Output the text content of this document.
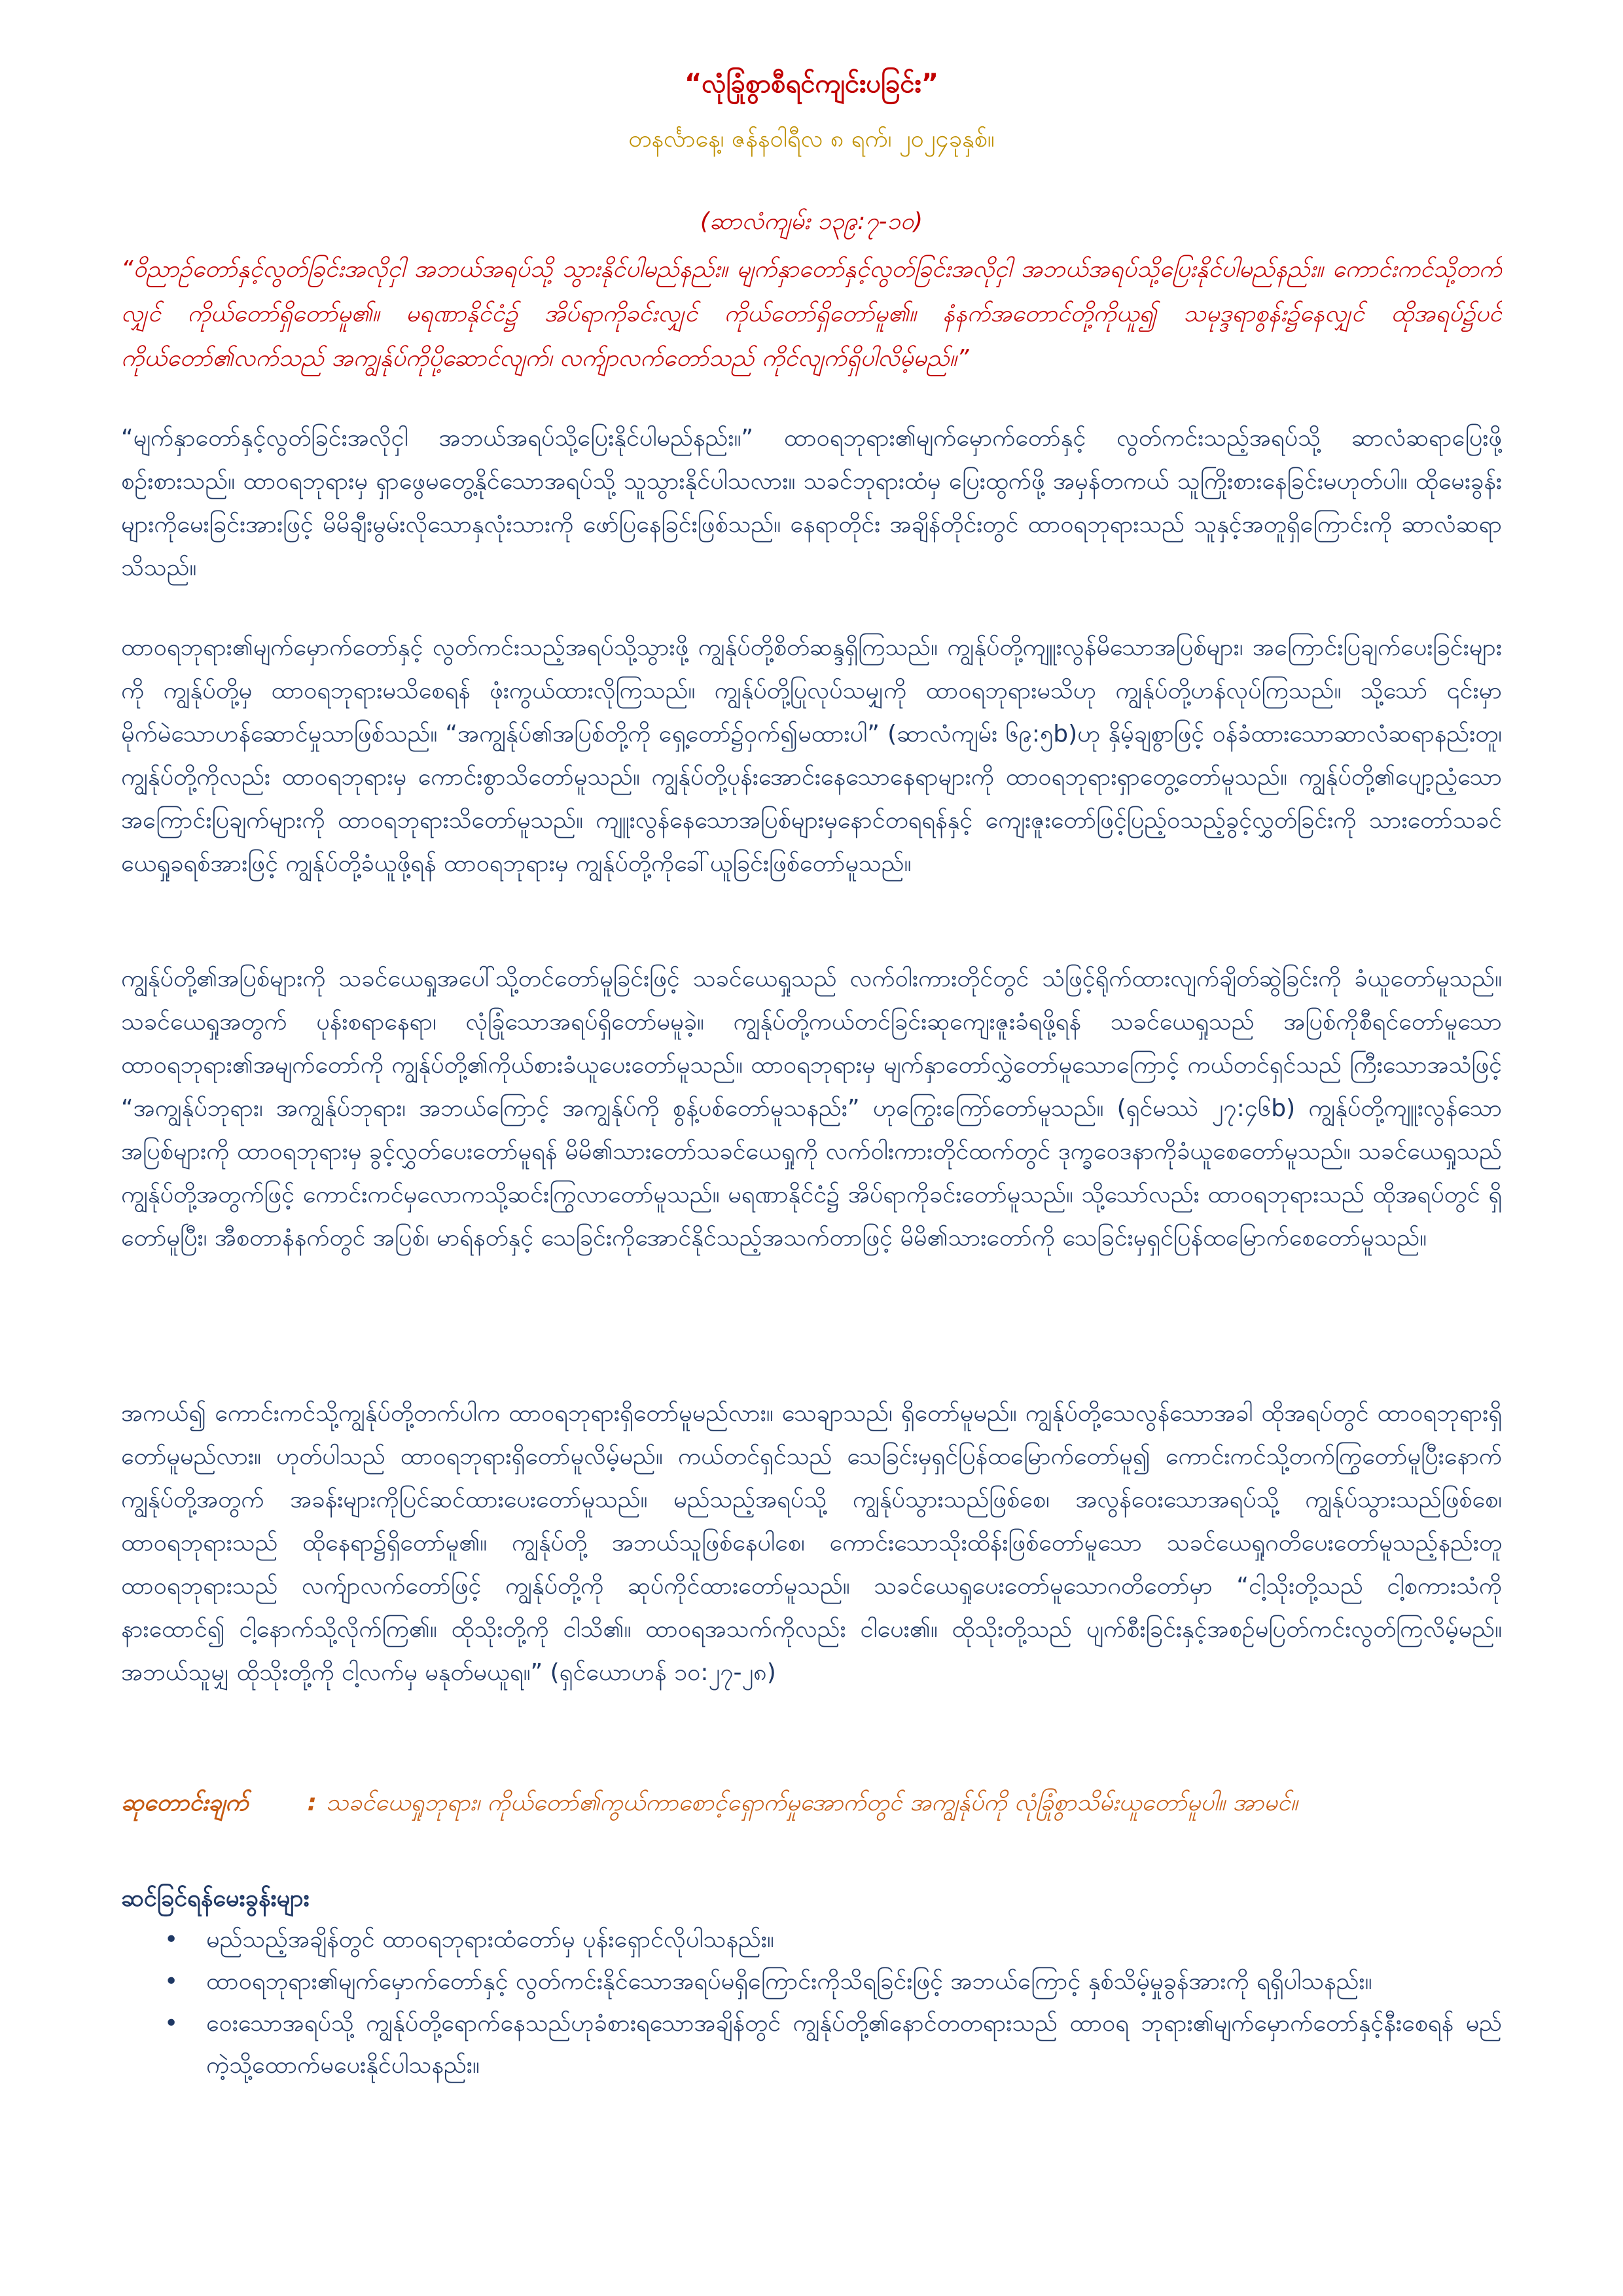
“လုံခြုံစွာစီရင်ကျင်းပခြင်း”
တနင်္လာနေ့၊ ဇန်နဝါရီလ ၈ ရက်၊ ၂၀၂၄ခုနှစ်။
(ဆာလံကျမ်း ၁၃၉:၇-၁၀)
“ဝိညာဉ်တော်နှင့်လွတ်ခြင်းအလိုငှါ အဘယ်အရပ်သို့ သွားနိုင်ပါမည်နည်း။ မျက်နှာတော်နှင့်လွတ်ခြင်းအလိုငှါ အဘယ်အရပ်သို့ပြေးနိုင်ပါမည်နည်း။ ကောင်းကင်သို့တက်လျှင် ကိုယ်တော်ရှိတော်မူ၏။ မရဏာနိုင်ငံ၌ အိပ်ရာကိုခင်းလျှင် ကိုယ်တော်ရှိတော်မူ၏။ နံနက်အတောင်တို့ကိုယူ၍ သမုဒ္ဒရာစွန်း၌နေလျှင် ထိုအရပ်၌ပင် ကိုယ်တော်၏လက်သည် အကျွန်ုပ်ကိုပို့ဆောင်လျက်၊ လက်ျာလက်တော်သည် ကိုင်လျက်ရှိပါလိမ့်မည်။”
“မျက်နှာတော်နှင့်လွတ်ခြင်းအလိုငှါ အဘယ်အရပ်သို့ပြေးနိုင်ပါမည်နည်း။” ထာဝရဘုရား၏မျက်မှောက်တော်နှင့် လွတ်ကင်းသည့်အရပ်သို့ ဆာလံဆရာပြေးဖို့စဉ်းစားသည်။ ထာဝရဘုရားမှ ရှာဖွေမတွေ့နိုင်သောအရပ်သို့ သူသွားနိုင်ပါသလား။ သခင်ဘုရားထံမှ ပြေးထွက်ဖို့ အမှန်တကယ် သူကြိုးစားနေခြင်းမဟုတ်ပါ။ ထိုမေးခွန်းများကိုမေးခြင်းအားဖြင့် မိမိချီးမွမ်းလိုသောနှလုံးသားကို ဖော်ပြနေခြင်းဖြစ်သည်။ နေရာတိုင်း အချိန်တိုင်းတွင် ထာဝရဘုရားသည် သူနှင့်အတူရှိကြောင်းကို ဆာလံဆရာသိသည်။
ထာဝရဘုရား၏မျက်မှောက်တော်နှင့် လွတ်ကင်းသည့်အရပ်သို့သွားဖို့ ကျွန်ုပ်တို့စိတ်ဆန္ဒရှိကြသည်။ ကျွန်ုပ်တို့ကျူးလွန်မိသောအပြစ်များ၊ အကြောင်းပြချက်ပေးခြင်းများကို ကျွန်ုပ်တို့မှ ထာဝရဘုရားမသိစေရန် ဖုံးကွယ်ထားလိုကြသည်။ ကျွန်ုပ်တို့ပြုလုပ်သမျှကို ထာဝရဘုရားမသိဟု ကျွန်ုပ်တို့ဟန်လုပ်ကြသည်။ သို့သော် ၎င်းမှာ မိုက်မဲသောဟန်ဆောင်မှုသာဖြစ်သည်။ “အကျွန်ုပ်၏အပြစ်တို့ကို ရှေ့တော်၌ဝှက်၍မထားပါ” (ဆာလံကျမ်း ၆၉:၅b)ဟု နှိမ့်ချစွာဖြင့် ဝန်ခံထားသောဆာလံဆရာနည်းတူ၊ ကျွန်ုပ်တို့ကိုလည်း ထာဝရဘုရားမှ ကောင်းစွာသိတော်မူသည်။ ကျွန်ုပ်တို့ပုန်းအောင်းနေသောနေရာများကို ထာဝရဘုရားရှာတွေ့တော်မူသည်။ ကျွန်ုပ်တို့၏ပျော့ညံ့သောအကြောင်းပြချက်များကို ထာဝရဘုရားသိတော်မူသည်။ ကျူးလွန်နေသောအပြစ်များမှနောင်တရရန်နှင့် ကျေးဇူးတော်ဖြင့်ပြည့်ဝသည့်ခွင့်လွှတ်ခြင်းကို သားတော်သခင်ယေရှုခရစ်အားဖြင့် ကျွန်ုပ်တို့ခံယူဖို့ရန် ထာဝရဘုရားမှ ကျွန်ုပ်တို့ကိုခေါ်ယူခြင်းဖြစ်တော်မူသည်။
ကျွန်ုပ်တို့၏အပြစ်များကို သခင်ယေရှုအပေါ်သို့တင်တော်မူခြင်းဖြင့် သခင်ယေရှုသည် လက်ဝါးကားတိုင်တွင် သံဖြင့်ရိုက်ထားလျက်ချိတ်ဆွဲခြင်းကို ခံယူတော်မူသည်။ သခင်ယေရှုအတွက် ပုန်းစရာနေရာ၊ လုံခြုံသောအရပ်ရှိတော်မမူခဲ့။ ကျွန်ုပ်တို့ကယ်တင်ခြင်းဆုကျေးဇူးခံရဖို့ရန် သခင်ယေရှုသည် အပြစ်ကိုစီရင်တော်မူသော ထာဝရဘုရား၏အမျက်တော်ကို ကျွန်ုပ်တို့၏ကိုယ်စားခံယူပေးတော်မူသည်။ ထာဝရဘုရားမှ မျက်နှာတော်လွှဲတော်မူသောကြောင့် ကယ်တင်ရှင်သည် ကြီးသောအသံဖြင့် “အကျွန်ုပ်ဘုရား၊ အကျွန်ုပ်ဘုရား၊ အဘယ်ကြောင့် အကျွန်ုပ်ကို စွန့်ပစ်တော်မူသနည်း” ဟုကြွေးကြော်တော်မူသည်။ (ရှင်မဿဲ ၂၇:၄၆b) ကျွန်ုပ်တို့ကျူးလွန်သောအပြစ်များကို ထာဝရဘုရားမှ ခွင့်လွှတ်ပေးတော်မူရန် မိမိ၏သားတော်သခင်ယေရှုကို လက်ဝါးကားတိုင်ထက်တွင် ဒုက္ခဝေဒနာကိုခံယူစေတော်မူသည်။ သခင်ယေရှုသည် ကျွန်ုပ်တို့အတွက်ဖြင့် ကောင်းကင်မှလောကသို့ဆင်းကြွလာတော်မူသည်။ မရဏာနိုင်ငံ၌ အိပ်ရာကိုခင်းတော်မူသည်။ သို့သော်လည်း ထာဝရဘုရားသည် ထိုအရပ်တွင် ရှိတော်မူပြီး၊ အီစတာနံနက်တွင် အပြစ်၊ မာရ်နတ်နှင့် သေခြင်းကိုအောင်နိုင်သည့်အသက်တာဖြင့် မိမိ၏သားတော်ကို သေခြင်းမှရှင်ပြန်ထမြောက်စေတော်မူသည်။
အကယ်၍ ကောင်းကင်သို့ကျွန်ုပ်တို့တက်ပါက ထာဝရဘုရားရှိတော်မူမည်လား။ သေချာသည်၊ ရှိတော်မူမည်။ ကျွန်ုပ်တို့သေလွန်သောအခါ ထိုအရပ်တွင် ထာဝရဘုရားရှိတော်မူမည်လား။ ဟုတ်ပါသည် ထာဝရဘုရားရှိတော်မူလိမ့်မည်။ ကယ်တင်ရှင်သည် သေခြင်းမှရှင်ပြန်ထမြောက်တော်မူ၍ ကောင်းကင်သို့တက်ကြွတော်မူပြီးနောက် ကျွန်ုပ်တို့အတွက် အခန်းများကိုပြင်ဆင်ထားပေးတော်မူသည်။ မည်သည့်အရပ်သို့ ကျွန်ုပ်သွားသည်ဖြစ်စေ၊ အလွန်ဝေးသောအရပ်သို့ ကျွန်ုပ်သွားသည်ဖြစ်စေ၊ ထာဝရဘုရားသည် ထိုနေရာ၌ရှိတော်မူ၏။ ကျွန်ုပ်တို့ အဘယ်သူဖြစ်နေပါစေ၊ ကောင်းသောသိုးထိန်းဖြစ်တော်မူသော သခင်ယေရှုဂတိပေးတော်မူသည့်နည်းတူ ထာဝရဘုရားသည် လက်ျာလက်တော်ဖြင့် ကျွန်ုပ်တို့ကို ဆုပ်ကိုင်ထားတော်မူသည်။ သခင်ယေရှုပေးတော်မူသောဂတိတော်မှာ “ငါ့သိုးတို့သည် ငါ့စကားသံကိုနားထောင်၍ ငါ့နောက်သို့လိုက်ကြ၏။ ထိုသိုးတို့ကို ငါသိ၏။ ထာဝရအသက်ကိုလည်း ငါပေး၏။ ထိုသိုးတို့သည် ပျက်စီးခြင်းနှင့်အစဉ်မပြတ်ကင်းလွတ်ကြလိမ့်မည်။ အဘယ်သူမျှ ထိုသိုးတို့ကို ငါ့လက်မှ မနုတ်မယူရ။” (ရှင်ယောဟန် ၁၀:၂၇-၂၈)
ဆုတောင်းချက်	: သခင်ယေရှုဘုရား၊ ကိုယ်တော်၏ကွယ်ကာစောင့်ရှောက်မှုအောက်တွင် အကျွန်ုပ်ကို လုံခြုံစွာသိမ်းယူတော်မူပါ။ အာမင်။
ဆင်ခြင်ရန်မေးခွန်းများ
• မည်သည့်အချိန်တွင် ထာဝရဘုရားထံတော်မှ ပုန်းရှောင်လိုပါသနည်း။
• ထာဝရဘုရား၏မျက်မှောက်တော်နှင့် လွတ်ကင်းနိုင်သောအရပ်မရှိကြောင်းကိုသိရခြင်းဖြင့် အဘယ်ကြောင့် နှစ်သိမ့်မှုခွန်အားကို ရရှိပါသနည်း။
• ဝေးသောအရပ်သို့ ကျွန်ုပ်တို့ရောက်နေသည်ဟုခံစားရသောအချိန်တွင် ကျွန်ုပ်တို့၏နောင်တတရားသည် ထာဝရ ဘုရား၏မျက်မှောက်တော်နှင့်နီးစေရန် မည်ကဲ့သို့ထောက်မပေးနိုင်ပါသနည်း။
